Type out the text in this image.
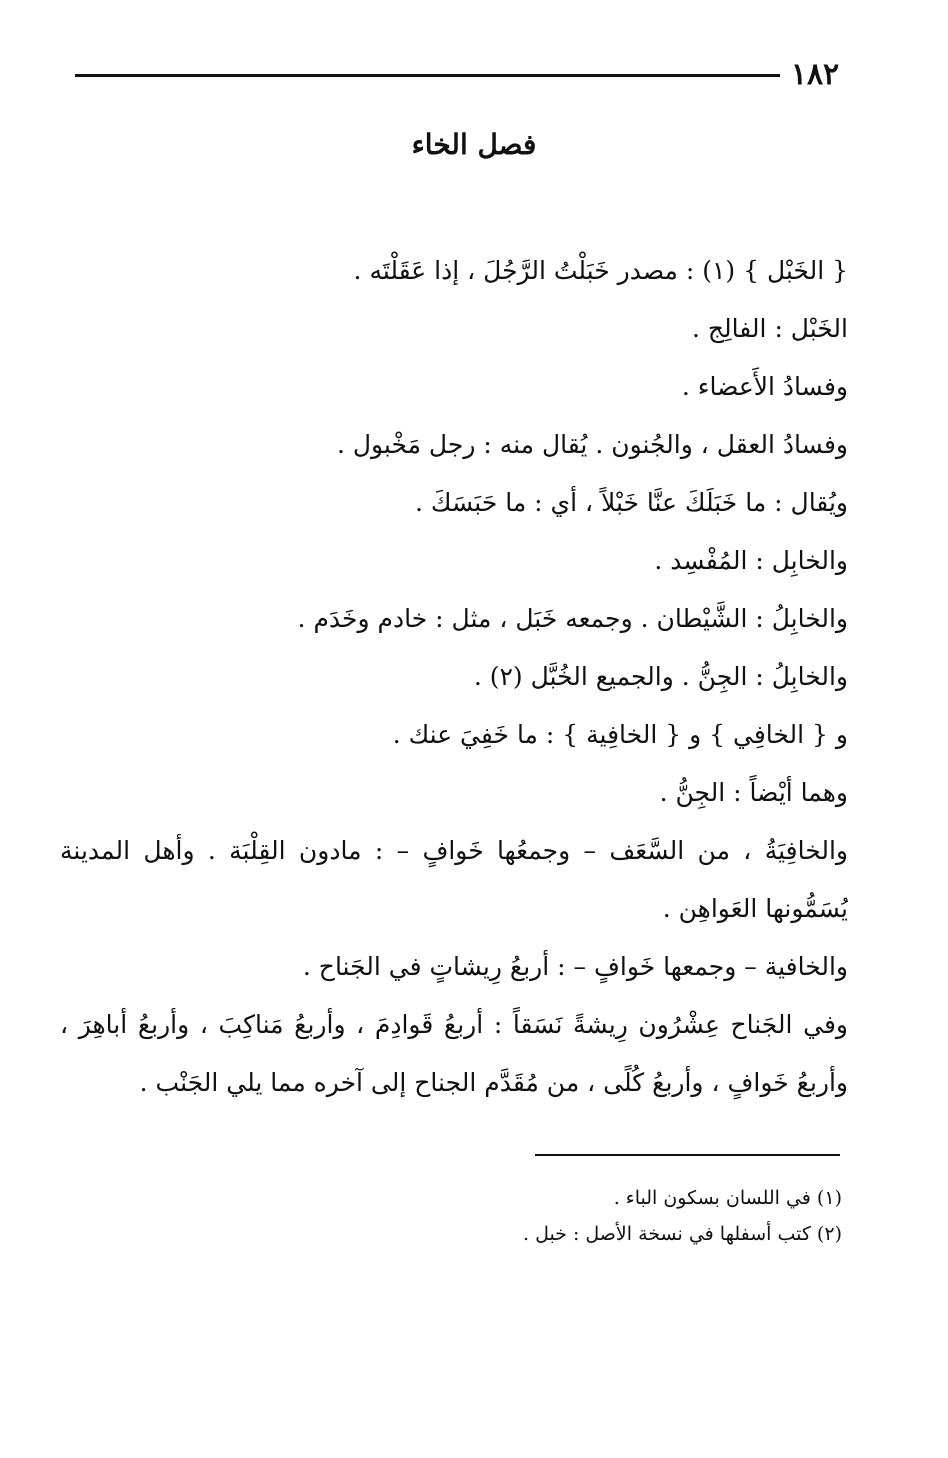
١٨٢
فصل الخاء
{ الخَبْل } (١) : مصدر خَبَلْتُ الرَّجُلَ ، إذا عَقَلْتَه .
الخَبْل : الفالِج .
وفسادُ الأَعضاء .
وفسادُ العقل ، والجُنون . يُقال منه : رجل مَخْبول .
ويُقال : ما خَبَلَكَ عنَّا خَبْلاً ، أي : ما حَبَسَكَ .
والخابِل : المُفْسِد .
والخابِلُ : الشَّيْطان . وجمعه خَبَل ، مثل : خادم وخَدَم .
والخابِلُ : الجِنُّ . والجميع الخُبَّل (٢) .
و { الخافِي } و { الخافِية } : ما خَفِيَ عنك .
وهما أيْضاً : الجِنُّ .
والخافِيَةُ ، من السَّعَف – وجمعُها خَوافٍ – : مادون القِلْبَة . وأهل المدينة
يُسَمُّونها العَواهِن .
والخافية – وجمعها خَوافٍ – : أربعُ رِيشاتٍ في الجَناح .
وفي الجَناح عِشْرُون رِيشةً نَسَقاً : أربعُ قَوادِمَ ، وأربعُ مَناكِبَ ، وأربعُ أباهِرَ ،
وأربعُ خَوافٍ ، وأربعُ كُلًى ، من مُقَدَّم الجناح إلى آخره مما يلي الجَنْب .
(١) في اللسان بسكون الباء .
(٢) كتب أسفلها في نسخة الأصل : خبل .
